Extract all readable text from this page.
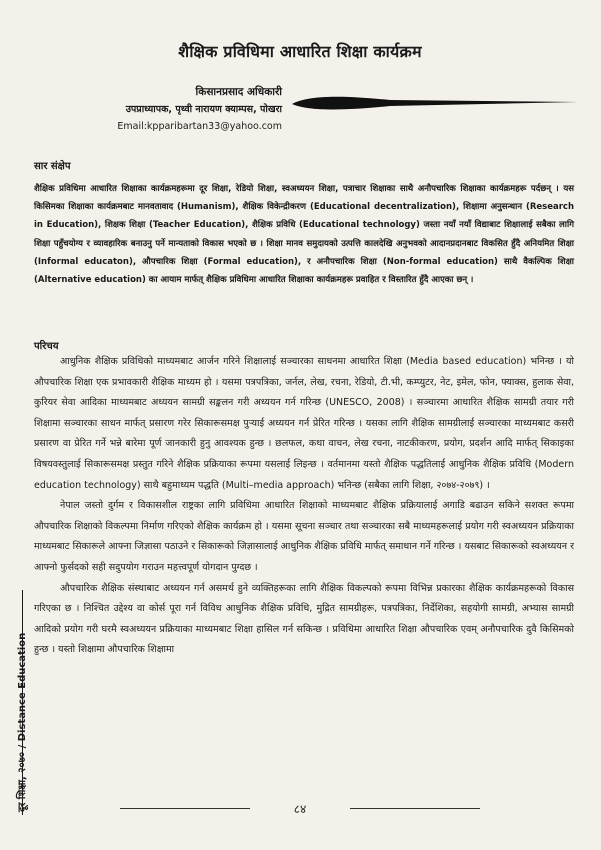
शैक्षिक प्रविधिमा आधारित शिक्षा कार्यक्रम
किसानप्रसाद अधिकारी
उपप्राध्यापक, पृथ्वी नारायण क्याम्पस, पोखरा
Email:kpparibartan33@yahoo.com
सार संक्षेप

शैक्षिक प्रविधिमा आधारित शिक्षाका कार्यक्रमहरूमा दूर शिक्षा, रेडियो शिक्षा, स्वअध्ययन शिक्षा, पत्राचार शिक्षाका साथै अनौपचारिक शिक्षाका कार्यक्रमहरू पर्दछन् । यस किसिमका शिक्षाका कार्यक्रमबाट मानवतावाद (Humanism), शैक्षिक विकेन्द्रीकरण (Educational decentralization), शिक्षामा अनुसन्धान (Research in Education), शिक्षक शिक्षा (Teacher Education), शैक्षिक प्रविधि (Educational technology) जस्ता नयाँ नयाँ विद्याबाट शिक्षालाई सबैका लागि शिक्षा पहुँचयोग्य र व्यावहारिक बनाउनु पर्ने मान्यताको विकास भएको छ । शिक्षा मानव समुदायको उत्पत्ति कालदेखि अनुभवको आदानप्रदानबाट विकसित हुँदै अनियमित शिक्षा (Informal educaton), औपचारिक शिक्षा (Formal education), र अनौपचारिक शिक्षा (Non-formal education) साथै वैकल्पिक शिक्षा (Alternative education) का आयाम मार्फत् शैक्षिक प्रविधिमा आधारित शिक्षाका कार्यक्रमहरू प्रवाहित र विस्तारित हुँदै आएका छन् ।

परिचय

आधुनिक शैक्षिक प्रविधिको माध्यमबाट आर्जन गरिने शिक्षालाई सञ्चारका साधनमा आधारित शिक्षा (Media based education) भनिन्छ । यो औपचारिक शिक्षा एक प्रभावकारी शैक्षिक माध्यम हो । यसमा पत्रपत्रिका, जर्नल, लेख, रचना, रेडियो, टी.भी, कम्प्युटर, नेट, इमेल, फोन, फ्याक्स, हुलाक सेवा, कुरियर सेवा आदिका माध्यमबाट अध्ययन सामग्री सङ्कलन गरी अध्ययन गर्न गरिन्छ (UNESCO, 2008) । सञ्चारमा आधारित शैक्षिक सामग्री तयार गरी शिक्षामा सञ्चारका साधन मार्फत् प्रसारण गरेर सिकारूसमक्ष पुऱ्याई अध्ययन गर्न प्रेरित गरिन्छ । यसका लागि शैक्षिक सामग्रीलाई सञ्चारका माध्यमबाट कसरी प्रसारण वा प्रेरित गर्ने भन्ने बारेमा पूर्ण जानकारी हुनु आवश्यक हुन्छ । छलफल, कथा वाचन, लेख रचना, नाटकीकरण, प्रयोग, प्रदर्शन आदि मार्फत् सिकाइका विषयवस्तुलाई सिकारूसमक्ष प्रस्तुत गरिने शैक्षिक प्रक्रियाका रूपमा यसलाई लिइन्छ । वर्तमानमा यस्तो शैक्षिक पद्धतिलाई आधुनिक शैक्षिक प्रविधि (Modern education technology) साथै बहुमाध्यम पद्धति (Multi–media approach) भनिन्छ (सबैका लागि शिक्षा, २०७४-२०७९) ।

नेपाल जस्तो दुर्गम र विकासशील राष्ट्रका लागि प्रविधिमा आधारित शिक्षाको माध्यमबाट शैक्षिक प्रक्रियालाई अगाडि बढाउन सकिने सशक्त रूपमा औपचारिक शिक्षाको विकल्पमा निर्माण गरिएको शैक्षिक कार्यक्रम हो । यसमा सूचना सञ्चार तथा सञ्चारका सबै माध्यमहरूलाई प्रयोग गरी स्वअध्ययन प्रक्रियाका माध्यमबाट सिकारूले आफ्ना जिज्ञासा पठाउने र सिकारूको जिज्ञासालाई आधुनिक शैक्षिक प्रविधि मार्फत् समाधान गर्ने गरिन्छ । यसबाट सिकारूको स्वअध्ययन र आफ्नो फुर्सदको सही सदुपयोग गराउन महत्त्वपूर्ण योगदान पुग्दछ ।

औपचारिक शैक्षिक संस्थाबाट अध्ययन गर्न असमर्थ हुने व्यक्तिहरूका लागि शैक्षिक विकल्पको रूपमा विभिन्न प्रकारका शैक्षिक कार्यक्रमहरूको विकास गरिएका छ । निश्चित उद्देश्य वा कोर्स पूरा गर्न विविध आधुनिक शैक्षिक प्रविधि, मुद्रित सामग्रीहरू, पत्रपत्रिका, निर्देशिका, सहयोगी सामग्री, अभ्यास सामग्री आदिको प्रयोग गरी घरमै स्वअध्ययन प्रक्रियाका माध्यमबाट शिक्षा हासिल गर्न सकिन्छ । प्रविधिमा आधारित शिक्षा औपचारिक एवम् अनौपचारिक दुवै किसिमको हुन्छ । यस्तो शिक्षामा औपचारिक शिक्षामा

दूर शिक्षा, २०७० / Distance Education	८४
